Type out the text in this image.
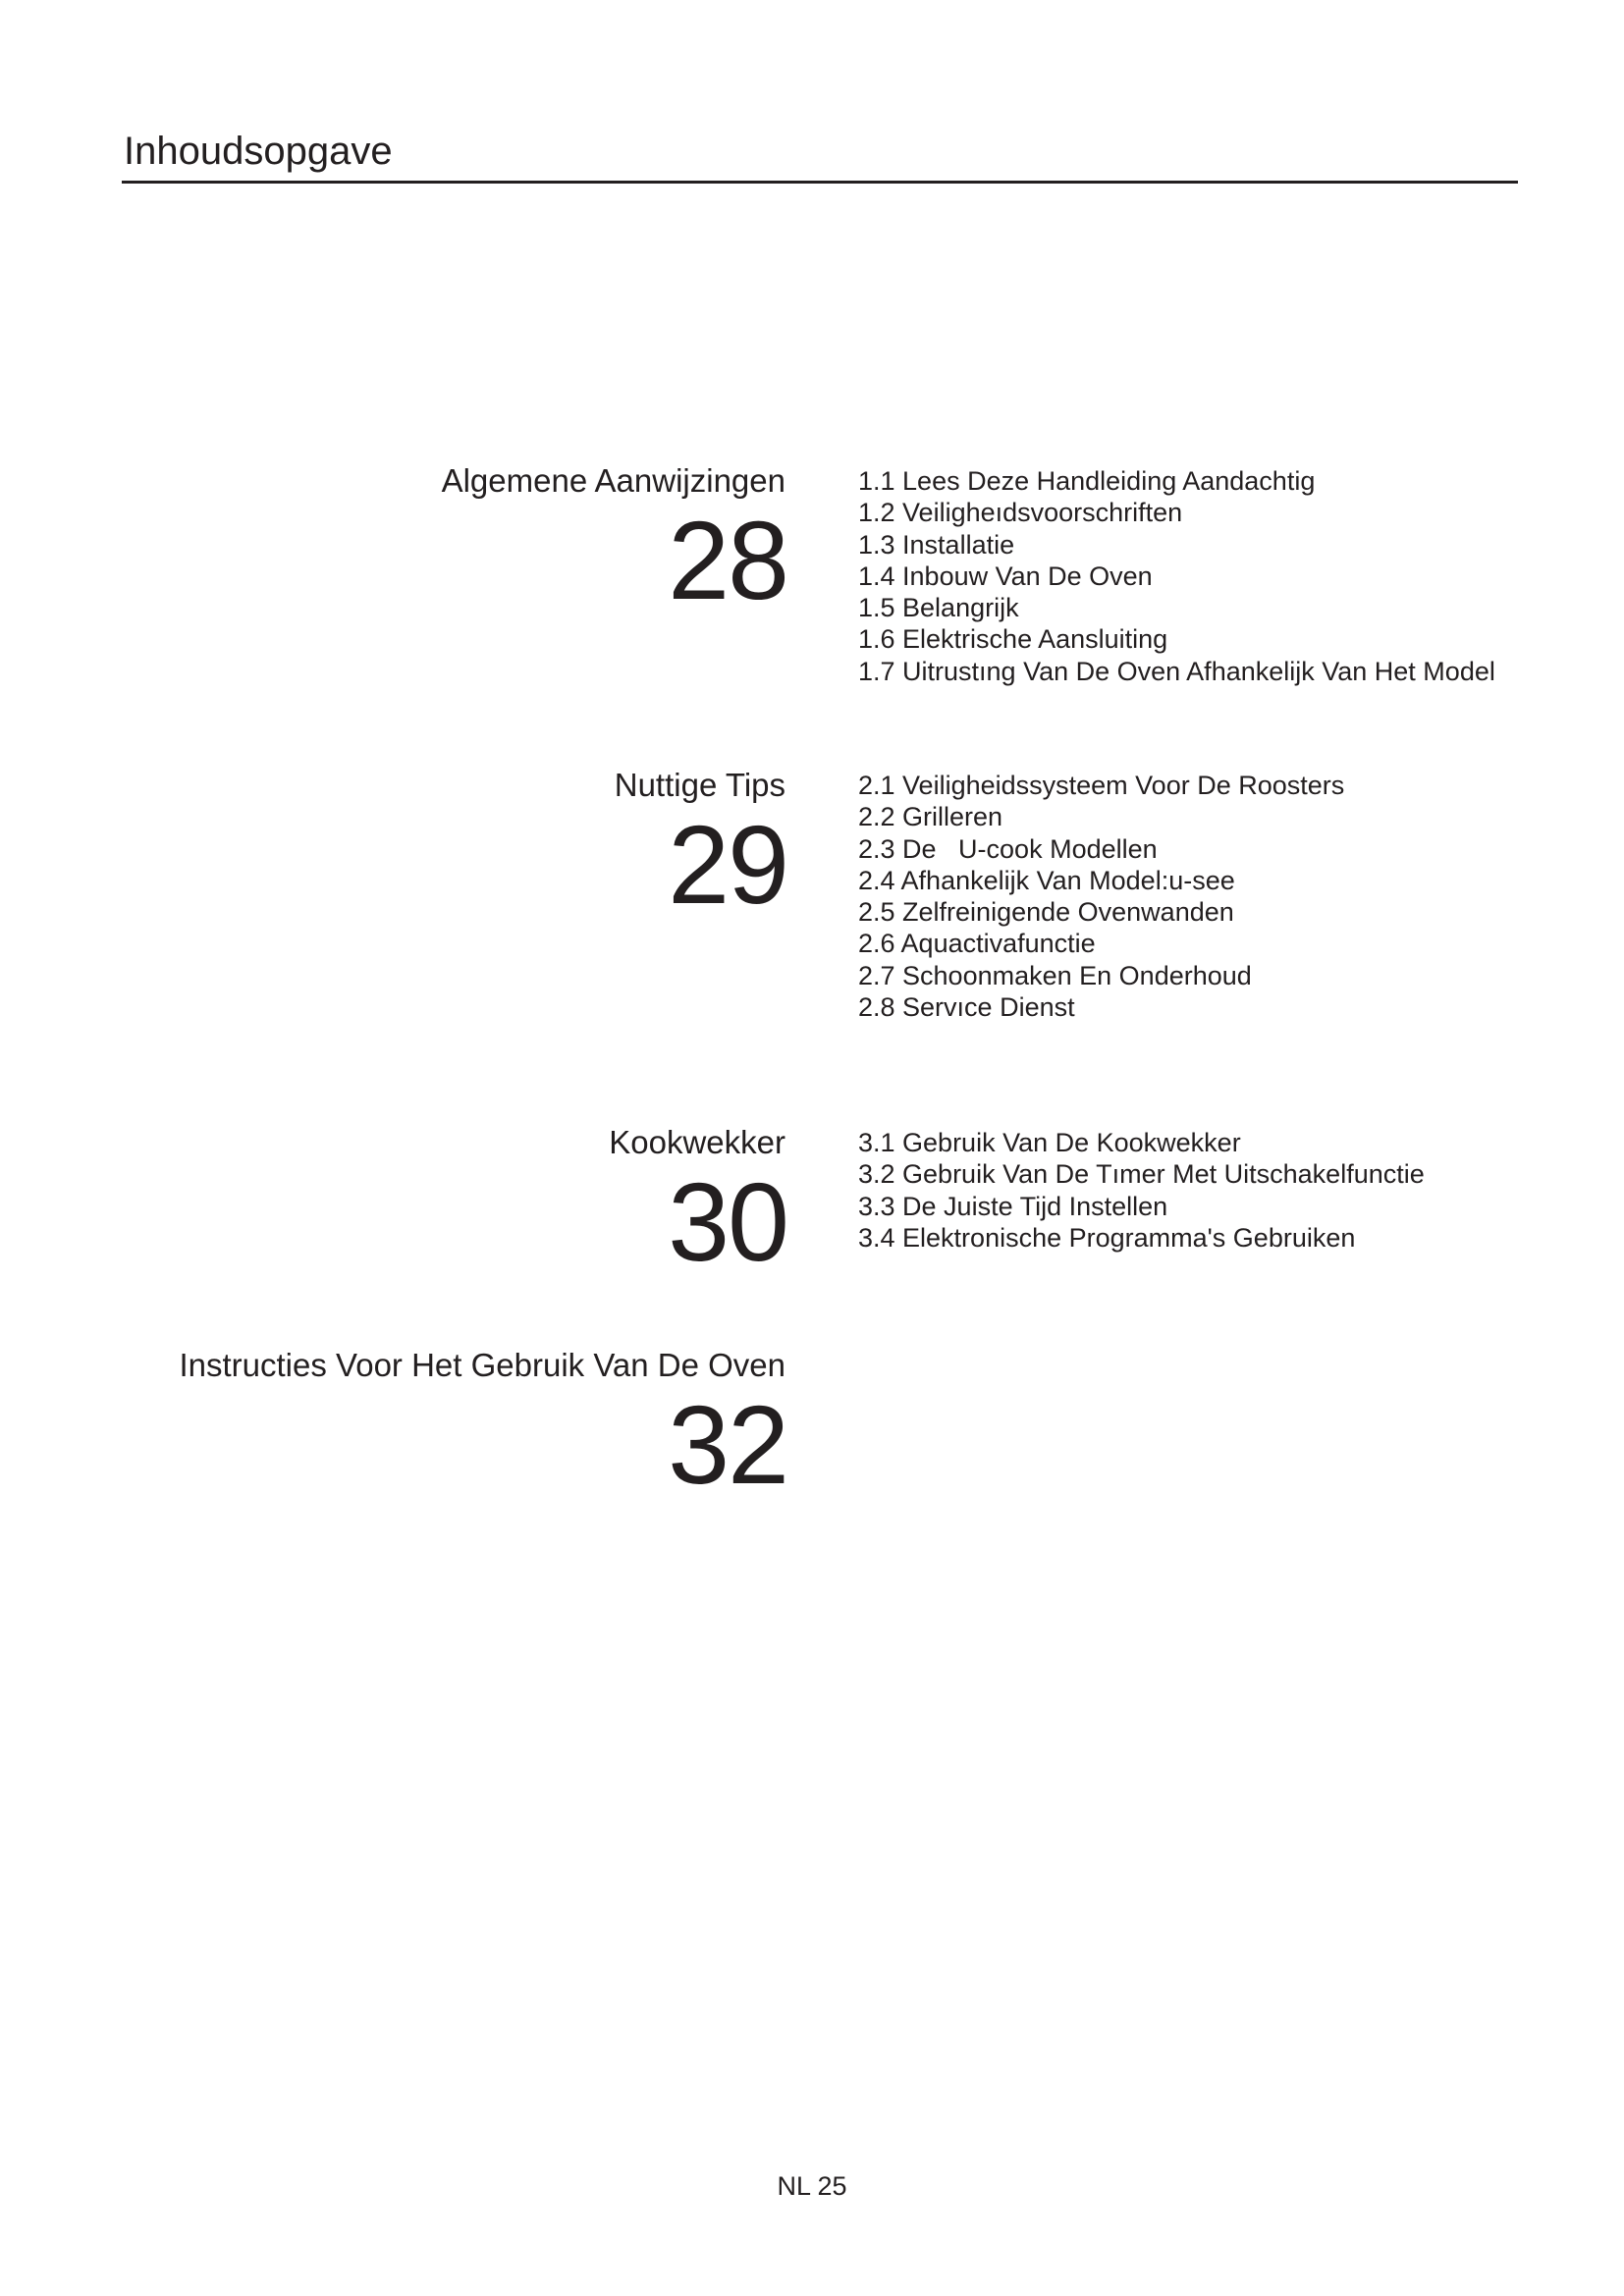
Inhoudsopgave
Algemene Aanwijzingen
28
1.1 Lees Deze Handleiding Aandachtig
1.2 Veiligheıdsvoorschriften
1.3 Installatie
1.4 Inbouw Van De Oven
1.5 Belangrijk
1.6 Elektrische Aansluiting
1.7 Uitrustıng Van De Oven Afhankelijk Van Het Model
Nuttige Tips
29
2.1 Veiligheidssysteem Voor De Roosters
2.2 Grilleren
2.3 De   U-cook Modellen
2.4 Afhankelijk Van Model:u-see
2.5 Zelfreinigende Ovenwanden
2.6 Aquactivafunctie
2.7 Schoonmaken En Onderhoud
2.8 Servıce Dienst
Kookwekker
30
3.1 Gebruik Van De Kookwekker
3.2 Gebruik Van De Tımer Met Uitschakelfunctie
3.3 De Juiste Tijd Instellen
3.4 Elektronische Programma's Gebruiken
Instructies Voor Het Gebruik Van De Oven
32
NL 25
